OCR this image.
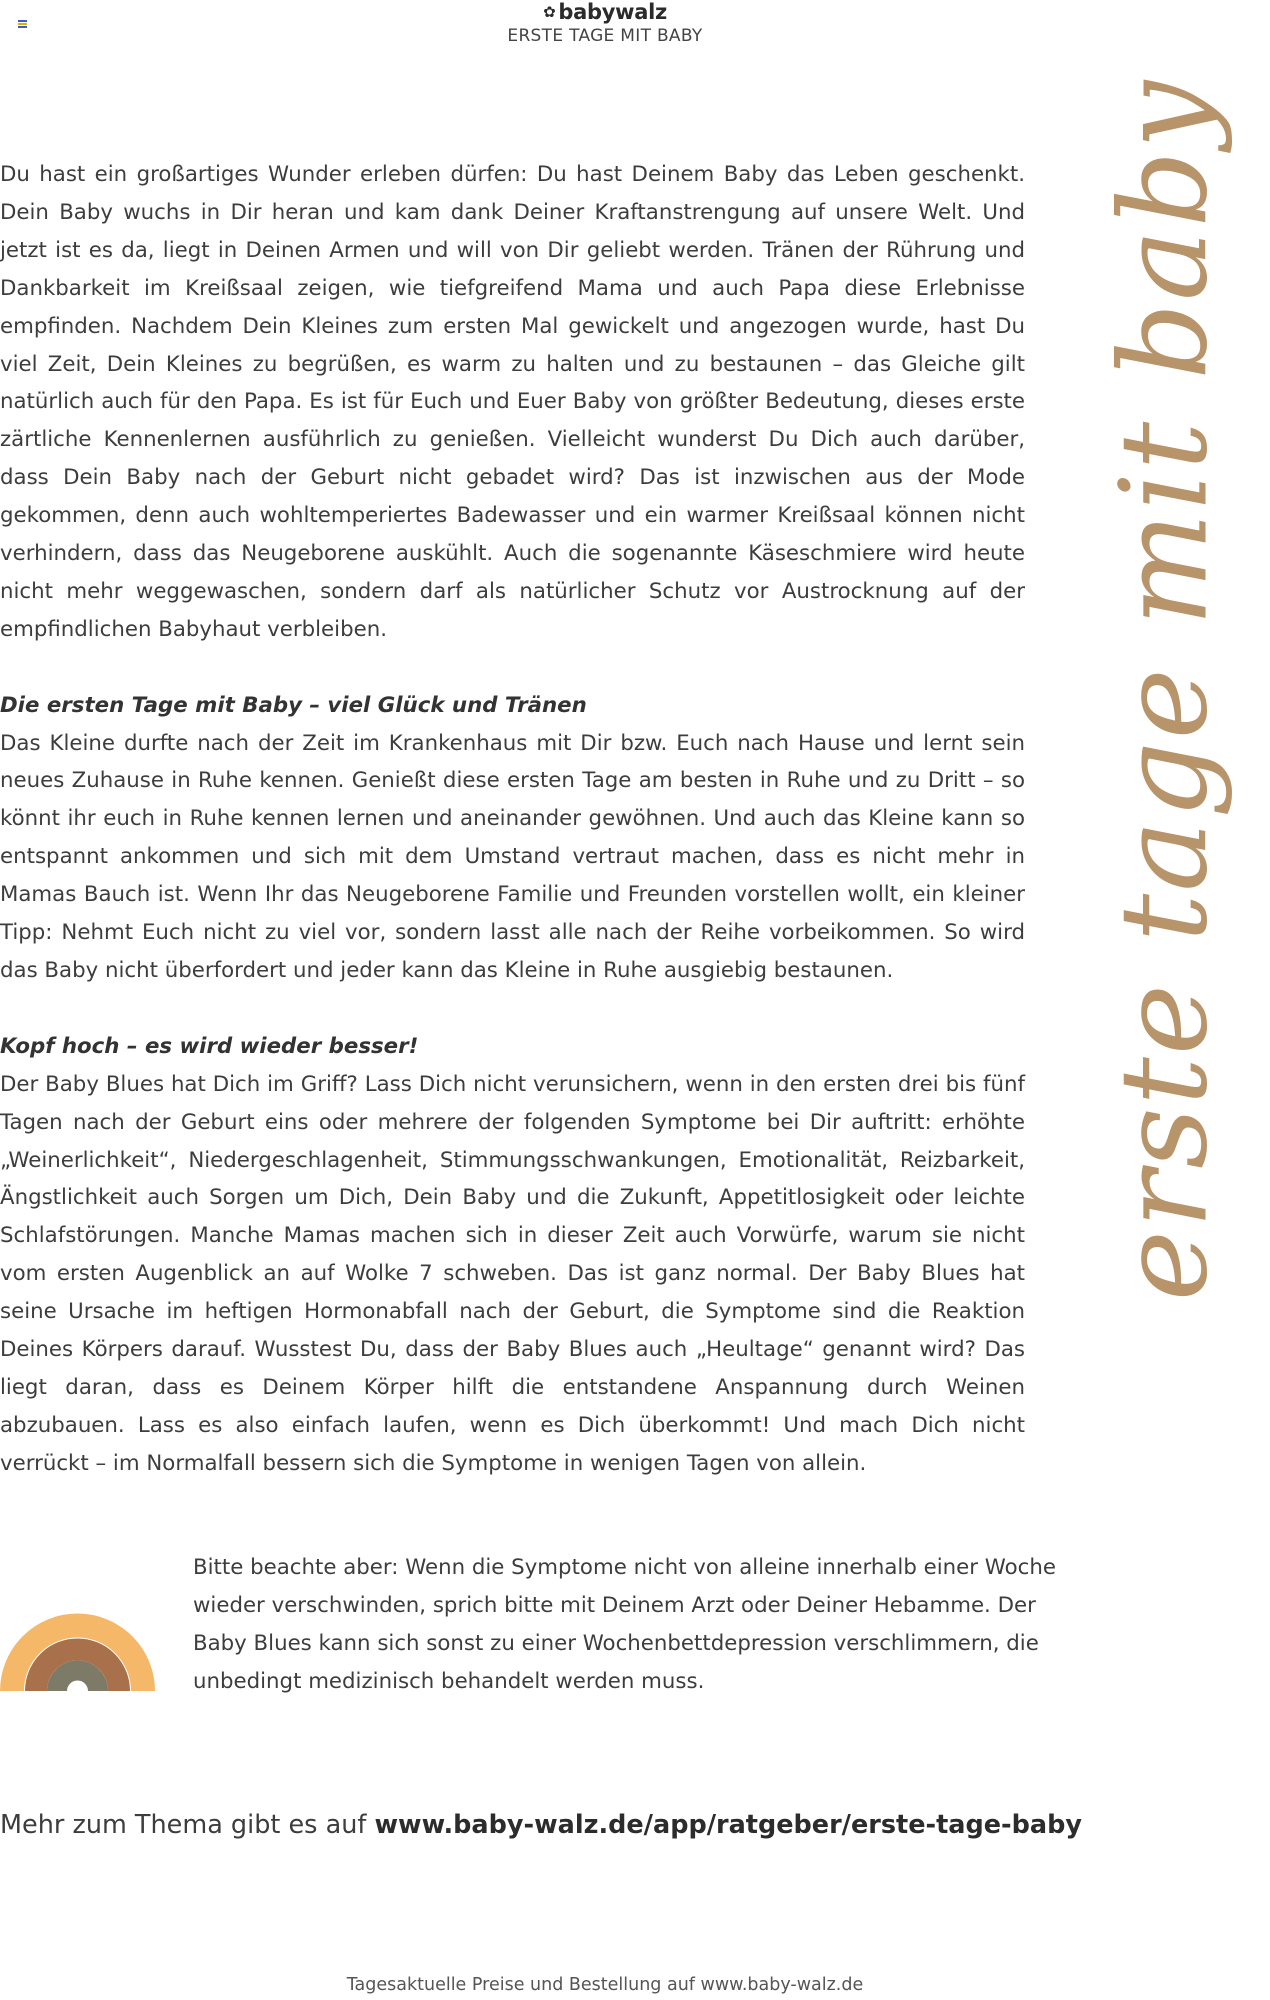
✿ babywalz
ERSTE TAGE MIT BABY
erste tage mit baby

Du hast ein großartiges Wunder erleben dürfen: Du hast Deinem Baby das Leben geschenkt. Dein Baby wuchs in Dir heran und kam dank Deiner Kraftanstrengung auf unsere Welt. Und jetzt ist es da, liegt in Deinen Armen und will von Dir geliebt werden. Tränen der Rührung und Dankbarkeit im Kreißsaal zeigen, wie tiefgreifend Mama und auch Papa diese Erlebnisse empfinden. Nachdem Dein Kleines zum ersten Mal gewickelt und angezogen wurde, hast Du viel Zeit, Dein Kleines zu begrüßen, es warm zu halten und zu bestaunen – das Gleiche gilt natürlich auch für den Papa. Es ist für Euch und Euer Baby von größter Bedeutung, dieses erste zärtliche Kennenlernen ausführlich zu genießen. Vielleicht wunderst Du Dich auch darüber, dass Dein Baby nach der Geburt nicht gebadet wird? Das ist inzwischen aus der Mode gekommen, denn auch wohltemperiertes Badewasser und ein warmer Kreißsaal können nicht verhindern, dass das Neugeborene auskühlt. Auch die sogenannte Käseschmiere wird heute nicht mehr weggewaschen, sondern darf als natürlicher Schutz vor Austrocknung auf der empfindlichen Babyhaut verbleiben.

Die ersten Tage mit Baby – viel Glück und Tränen

Das Kleine durfte nach der Zeit im Krankenhaus mit Dir bzw. Euch nach Hause und lernt sein neues Zuhause in Ruhe kennen. Genießt diese ersten Tage am besten in Ruhe und zu Dritt – so könnt ihr euch in Ruhe kennen lernen und aneinander gewöhnen. Und auch das Kleine kann so entspannt ankommen und sich mit dem Umstand vertraut machen, dass es nicht mehr in Mamas Bauch ist. Wenn Ihr das Neugeborene Familie und Freunden vorstellen wollt, ein kleiner Tipp: Nehmt Euch nicht zu viel vor, sondern lasst alle nach der Reihe vorbeikommen. So wird das Baby nicht überfordert und jeder kann das Kleine in Ruhe ausgiebig bestaunen.

Kopf hoch – es wird wieder besser!

Der Baby Blues hat Dich im Griff? Lass Dich nicht verunsichern, wenn in den ersten drei bis fünf Tagen nach der Geburt eins oder mehrere der folgenden Symptome bei Dir auftritt: erhöhte „Weinerlichkeit“, Niedergeschlagenheit, Stimmungsschwankungen, Emotionalität, Reizbarkeit, Ängstlichkeit auch Sorgen um Dich, Dein Baby und die Zukunft, Appetitlosigkeit oder leichte Schlafstörungen. Manche Mamas machen sich in dieser Zeit auch Vorwürfe, warum sie nicht vom ersten Augenblick an auf Wolke 7 schweben. Das ist ganz normal. Der Baby Blues hat seine Ursache im heftigen Hormonabfall nach der Geburt, die Symptome sind die Reaktion Deines Körpers darauf. Wusstest Du, dass der Baby Blues auch „Heultage“ genannt wird? Das liegt daran, dass es Deinem Körper hilft die entstandene Anspannung durch Weinen abzubauen. Lass es also einfach laufen, wenn es Dich überkommt! Und mach Dich nicht verrückt – im Normalfall bessern sich die Symptome in wenigen Tagen von allein.

Bitte beachte aber: Wenn die Symptome nicht von alleine innerhalb einer Woche wieder verschwinden, sprich bitte mit Deinem Arzt oder Deiner Hebamme. Der Baby Blues kann sich sonst zu einer Wochenbettdepression verschlimmern, die unbedingt medizinisch behandelt werden muss.
Mehr zum Thema gibt es auf www.baby-walz.de/app/ratgeber/erste-tage-baby
Tagesaktuelle Preise und Bestellung auf www.baby-walz.de
